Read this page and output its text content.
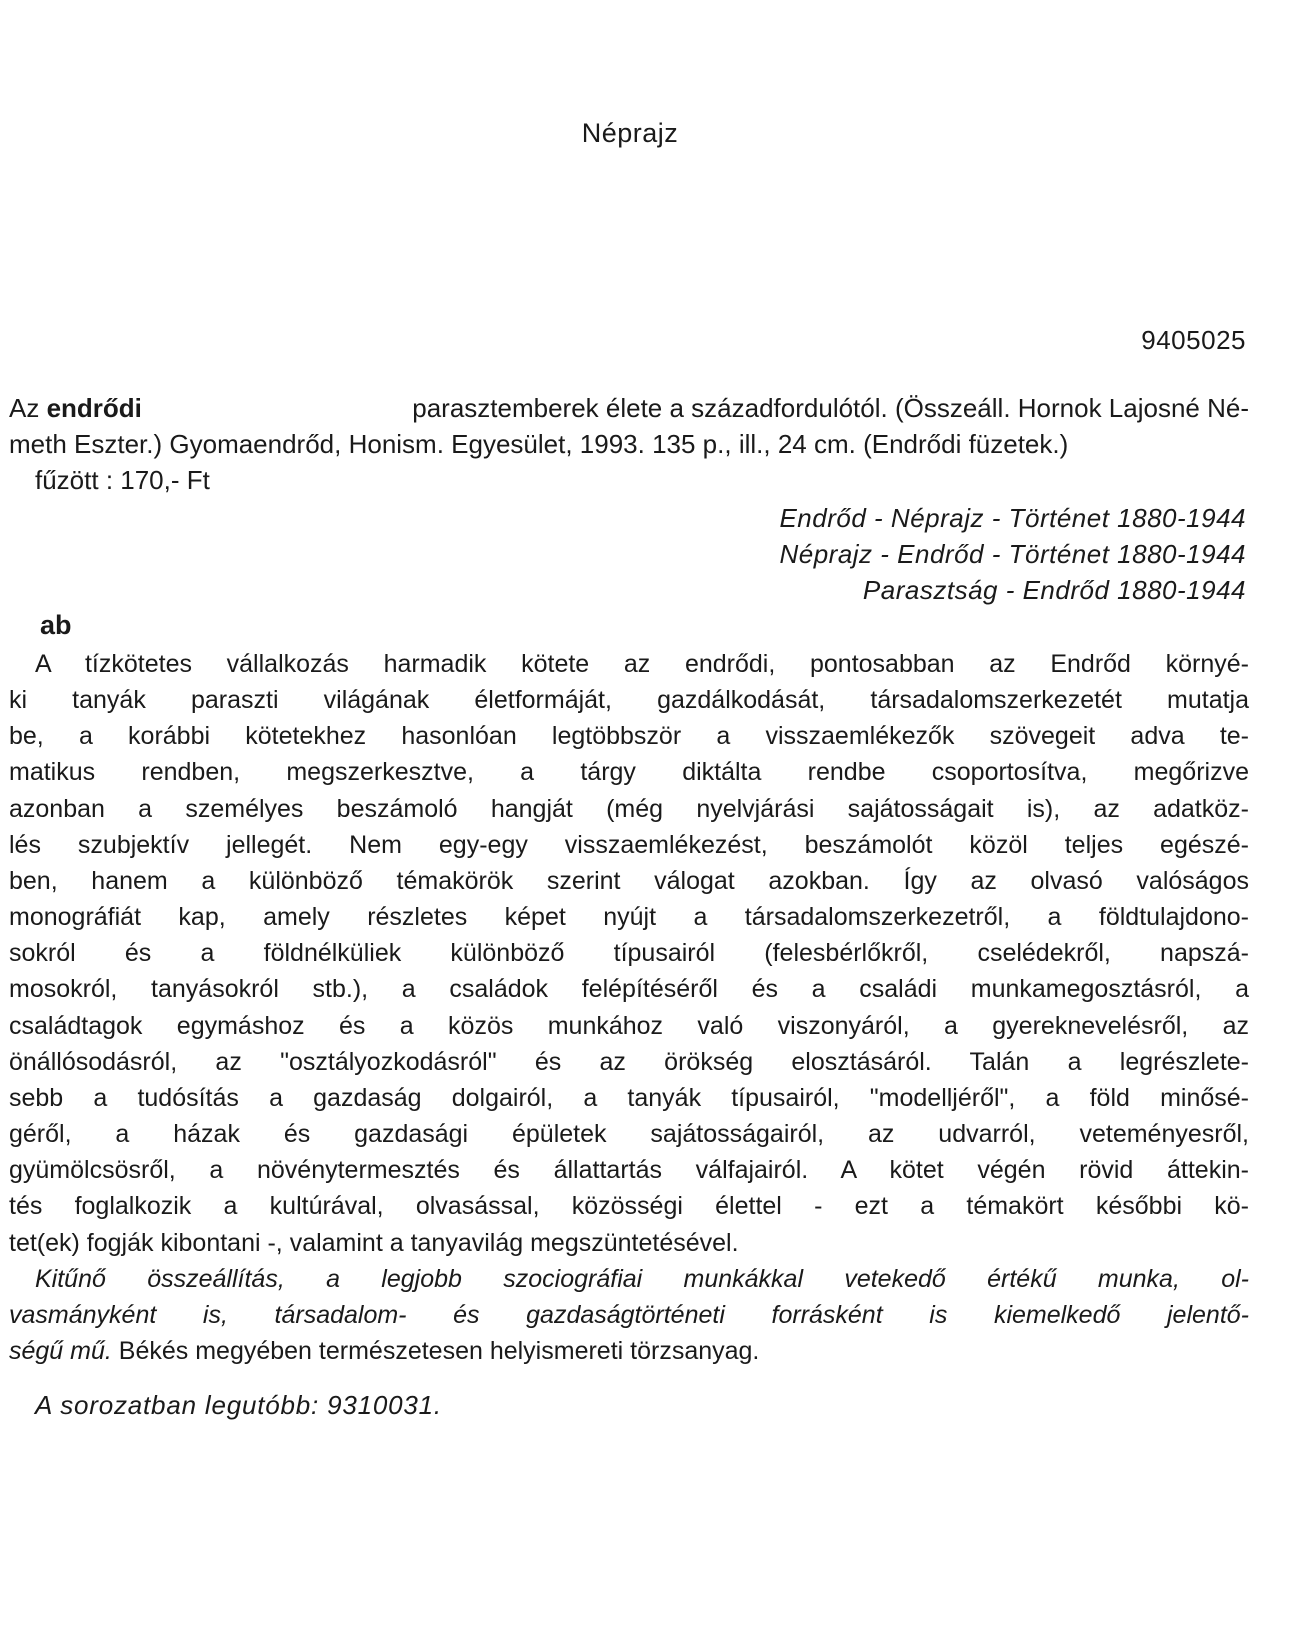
Néprajz
9405025
Az endrődi	parasztemberek élete a századfordulótól. (Összeáll. Hornok Lajosné Né-
meth Eszter.) Gyomaendrőd, Honism. Egyesület, 1993. 135 p., ill., 24 cm. (Endrődi füzetek.)
fűzött : 170,- Ft
Endrőd - Néprajz - Történet 1880-1944
Néprajz - Endrőd - Történet 1880-1944
Parasztság - Endrőd 1880-1944
ab
A tízkötetes vállalkozás harmadik kötete az endrődi, pontosabban az Endrőd környé-
ki tanyák paraszti világának életformáját, gazdálkodását, társadalomszerkezetét mutatja
be, a korábbi kötetekhez hasonlóan legtöbbször a visszaemlékezők szövegeit adva te-
matikus rendben, megszerkesztve, a tárgy diktálta rendbe csoportosítva, megőrizve
azonban a személyes beszámoló hangját (még nyelvjárási sajátosságait is), az adatköz-
lés szubjektív jellegét. Nem egy-egy visszaemlékezést, beszámolót közöl teljes egészé-
ben, hanem a különböző témakörök szerint válogat azokban. Így az olvasó valóságos
monográfiát kap, amely részletes képet nyújt a társadalomszerkezetről, a földtulajdono-
sokról és a földnélküliek különböző típusairól (felesbérlőkről, cselédekről, napszá-
mosokról, tanyásokról stb.), a családok felépítéséről és a családi munkamegosztásról, a
családtagok egymáshoz és a közös munkához való viszonyáról, a gyereknevelésről, az
önállósodásról, az "osztályozkodásról" és az örökség elosztásáról. Talán a legrészlete-
sebb a tudósítás a gazdaság dolgairól, a tanyák típusairól, "modelljéről", a föld minősé-
géről, a házak és gazdasági épületek sajátosságairól, az udvarról, veteményesről,
gyümölcsösről, a növénytermesztés és állattartás válfajairól. A kötet végén rövid áttekin-
tés foglalkozik a kultúrával, olvasással, közösségi élettel - ezt a témakört későbbi kö-
tet(ek) fogják kibontani -, valamint a tanyavilág megszüntetésével.
Kitűnő összeállítás, a legjobb szociográfiai munkákkal vetekedő értékű munka, ol-
vasmányként is, társadalom- és gazdaságtörténeti forrásként is kiemelkedő jelentő-
ségű mű. Békés megyében természetesen helyismereti törzsanyag.
A sorozatban legutóbb: 9310031.
